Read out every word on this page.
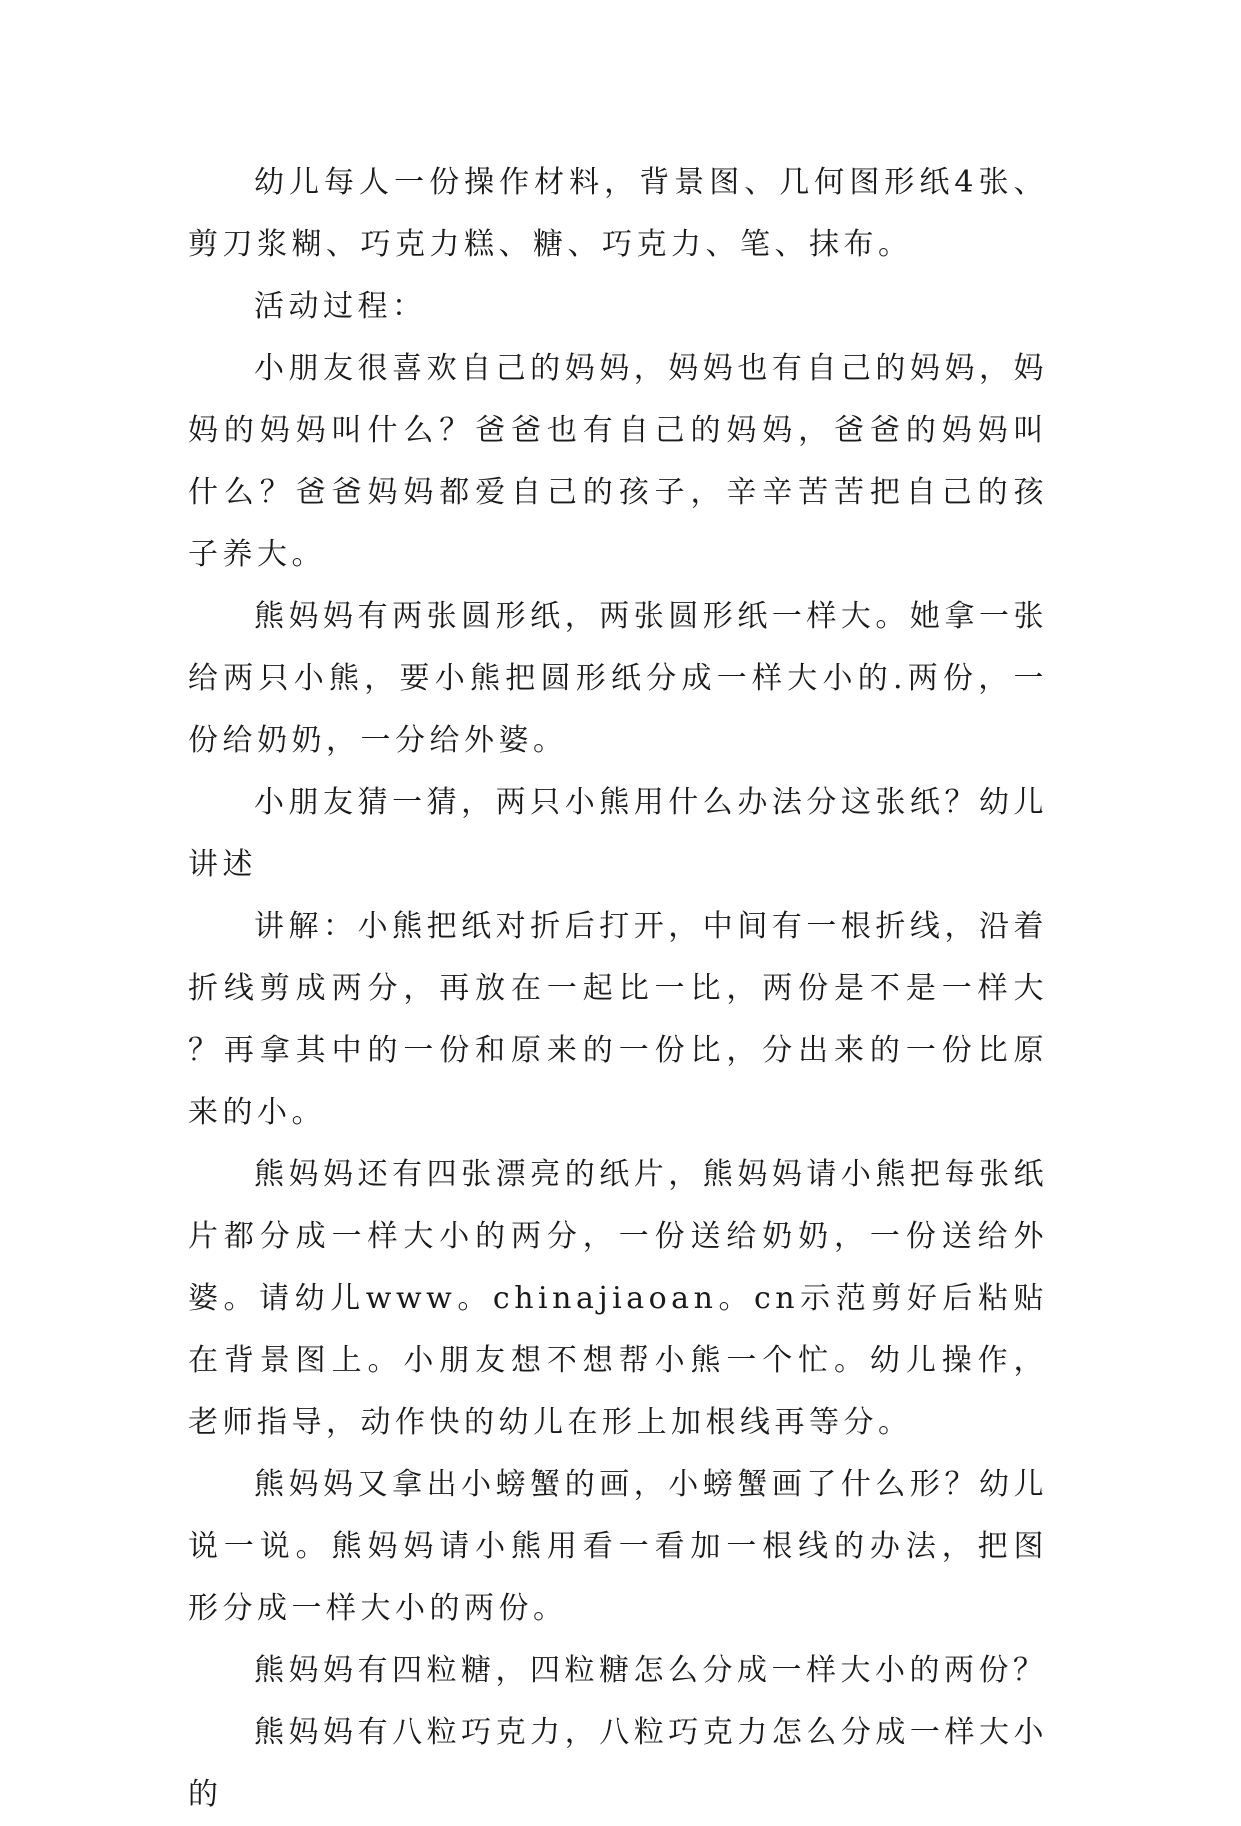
幼儿每人一份操作材料，背景图、几何图形纸4张、剪刀浆糊、巧克力糕、糖、巧克力、笔、抹布。

活动过程：

小朋友很喜欢自己的妈妈，妈妈也有自己的妈妈，妈妈的妈妈叫什么？爸爸也有自己的妈妈，爸爸的妈妈叫什么？爸爸妈妈都爱自己的孩子，辛辛苦苦把自己的孩子养大。

熊妈妈有两张圆形纸，两张圆形纸一样大。她拿一张给两只小熊，要小熊把圆形纸分成一样大小的.两份，一份给奶奶，一分给外婆。

小朋友猜一猜，两只小熊用什么办法分这张纸？幼儿讲述

讲解：小熊把纸对折后打开，中间有一根折线，沿着折线剪成两分，再放在一起比一比，两份是不是一样大？再拿其中的一份和原来的一份比，分出来的一份比原来的小。

熊妈妈还有四张漂亮的纸片，熊妈妈请小熊把每张纸片都分成一样大小的两分，一份送给奶奶，一份送给外婆。请幼儿www。chinajiaoan。cn示范剪好后粘贴在背景图上。小朋友想不想帮小熊一个忙。幼儿操作，老师指导，动作快的幼儿在形上加根线再等分。

熊妈妈又拿出小螃蟹的画，小螃蟹画了什么形？幼儿说一说。熊妈妈请小熊用看一看加一根线的办法，把图形分成一样大小的两份。

熊妈妈有四粒糖，四粒糖怎么分成一样大小的两份？

熊妈妈有八粒巧克力，八粒巧克力怎么分成一样大小的
